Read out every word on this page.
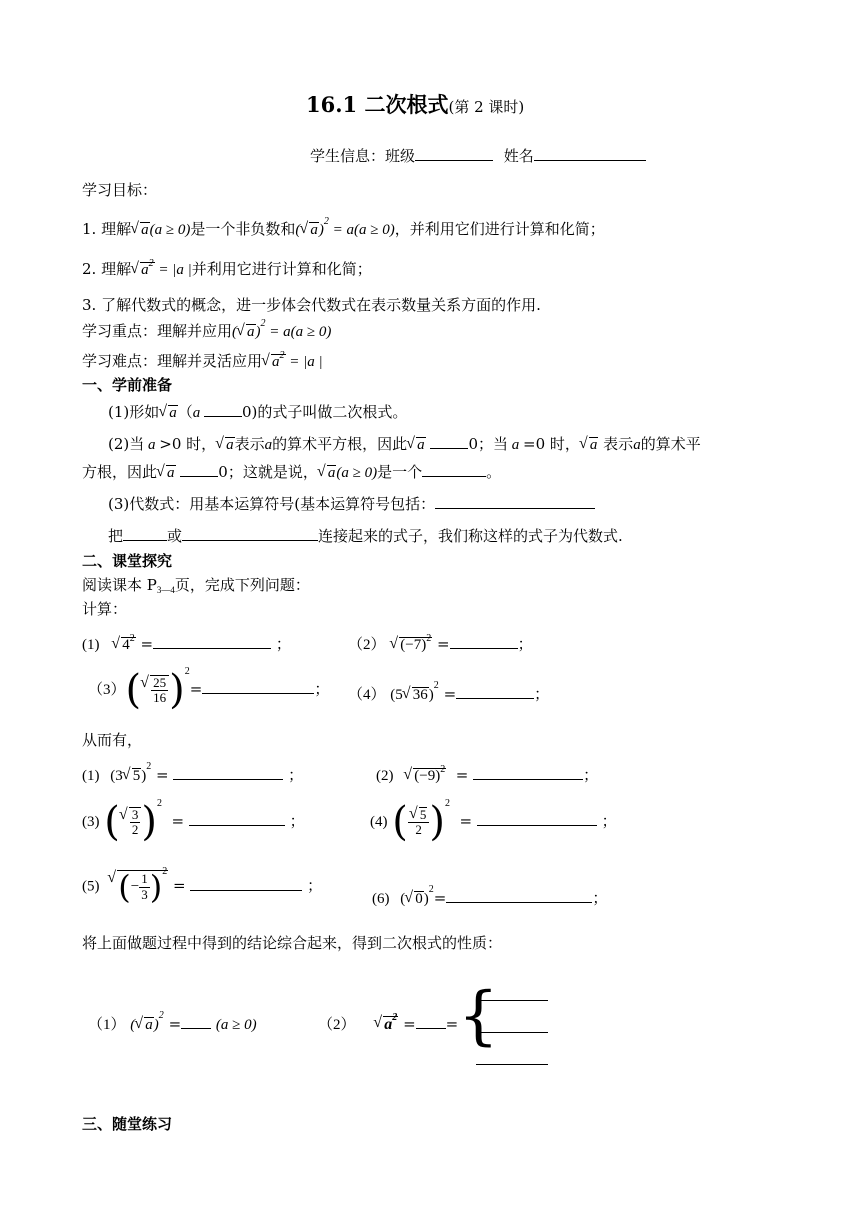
16.1 二次根式(第 2 课时)
学生信息：班级	姓名
学习目标：
1. 理解 √ a(a ≥ 0)是一个非负数和( √ a)$^2$ = a(a ≥ 0)，并利用它们进行计算和化简；
2. 理解 √ $a^2 = |a$ |并利用它进行计算和化简；
3. 了解代数式的概念，进一步体会代数式在表示数量关系方面的作用.
学习重点：理解并应用( √ a)$^2$ = a(a ≥ 0)
学习难点：理解并灵活应用 √ $a^2 = |a$ |
一、学前准备
(1)形如 √ a（a	0)的式子叫做二次根式。
(2)当 a >0 时， √ a表示a的算术平方根，因此 √ a	0；当 a =0 时， √ a 表示a的算术平
方根，因此 √ a	0；这就是说， √ a(a ≥ 0)是一个	。
(3)代数式：用基本运算符号(基本运算符号包括：
把	或	连接起来的式子，我们称这样的式子为代数式.
二、课堂探究
阅读课本 P3—4页，完成下列问题：
计算：
(1) √ $4^2$ =	；	（2） √ $(-7)^2$ =	；
（3）( √ $\frac{25}{16} )^2=$	； （4） (5 √ 36)$^2$ =	；
从而有，
(1) (3 √ 5)$^2$ =	；	(2) √ $(-9)^2$  =	；
(3) ( √ $\frac{3}{2} )^2$  =	；	(4) ( √ $\frac{5}{2} )^2$  =	；
(5) √ (− $\frac{1}{3} )^2$ =	；
(6) ( √ 0)$^2$=	；
将上面做题过程中得到的结论综合起来，得到二次根式的性质：
（1） ( √ a)$^2$ = (a ≥ 0)	（2） √ $a^2$ = = {
三、随堂练习
